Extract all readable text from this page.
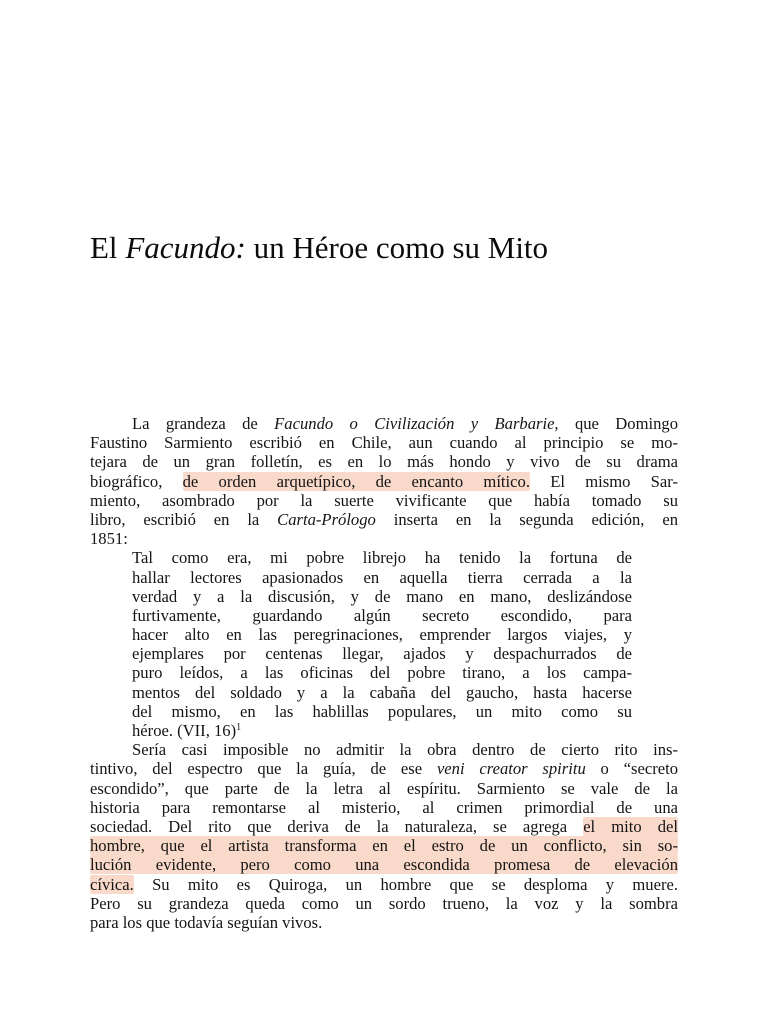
El Facundo: un Héroe como su Mito
La grandeza de Facundo o Civilización y Barbarie, que Domingo
Faustino Sarmiento escribió en Chile, aun cuando al principio se mo-
tejara de un gran folletín, es en lo más hondo y vivo de su drama
biográfico, de orden arquetípico, de encanto mítico. El mismo Sar-
miento, asombrado por la suerte vivificante que había tomado su
libro, escribió en la Carta-Prólogo inserta en la segunda edición, en
1851:
Tal como era, mi pobre librejo ha tenido la fortuna de
hallar lectores apasionados en aquella tierra cerrada a la
verdad y a la discusión, y de mano en mano, deslizándose
furtivamente, guardando algún secreto escondido, para
hacer alto en las peregrinaciones, emprender largos viajes, y
ejemplares por centenas llegar, ajados y despachurrados de
puro leídos, a las oficinas del pobre tirano, a los campa-
mentos del soldado y a la cabaña del gaucho, hasta hacerse
del mismo, en las hablillas populares, un mito como su
héroe. (VII, 16)$^1$
Sería casi imposible no admitir la obra dentro de cierto rito ins-
tintivo, del espectro que la guía, de ese veni creator spiritu o “secreto
escondido”, que parte de la letra al espíritu. Sarmiento se vale de la
historia para remontarse al misterio, al crimen primordial de una
sociedad. Del rito que deriva de la naturaleza, se agrega el mito del
hombre, que el artista transforma en el estro de un conflicto, sin so-
lución evidente, pero como una escondida promesa de elevación
cívica. Su mito es Quiroga, un hombre que se desploma y muere.
Pero su grandeza queda como un sordo trueno, la voz y la sombra
para los que todavía seguían vivos.
